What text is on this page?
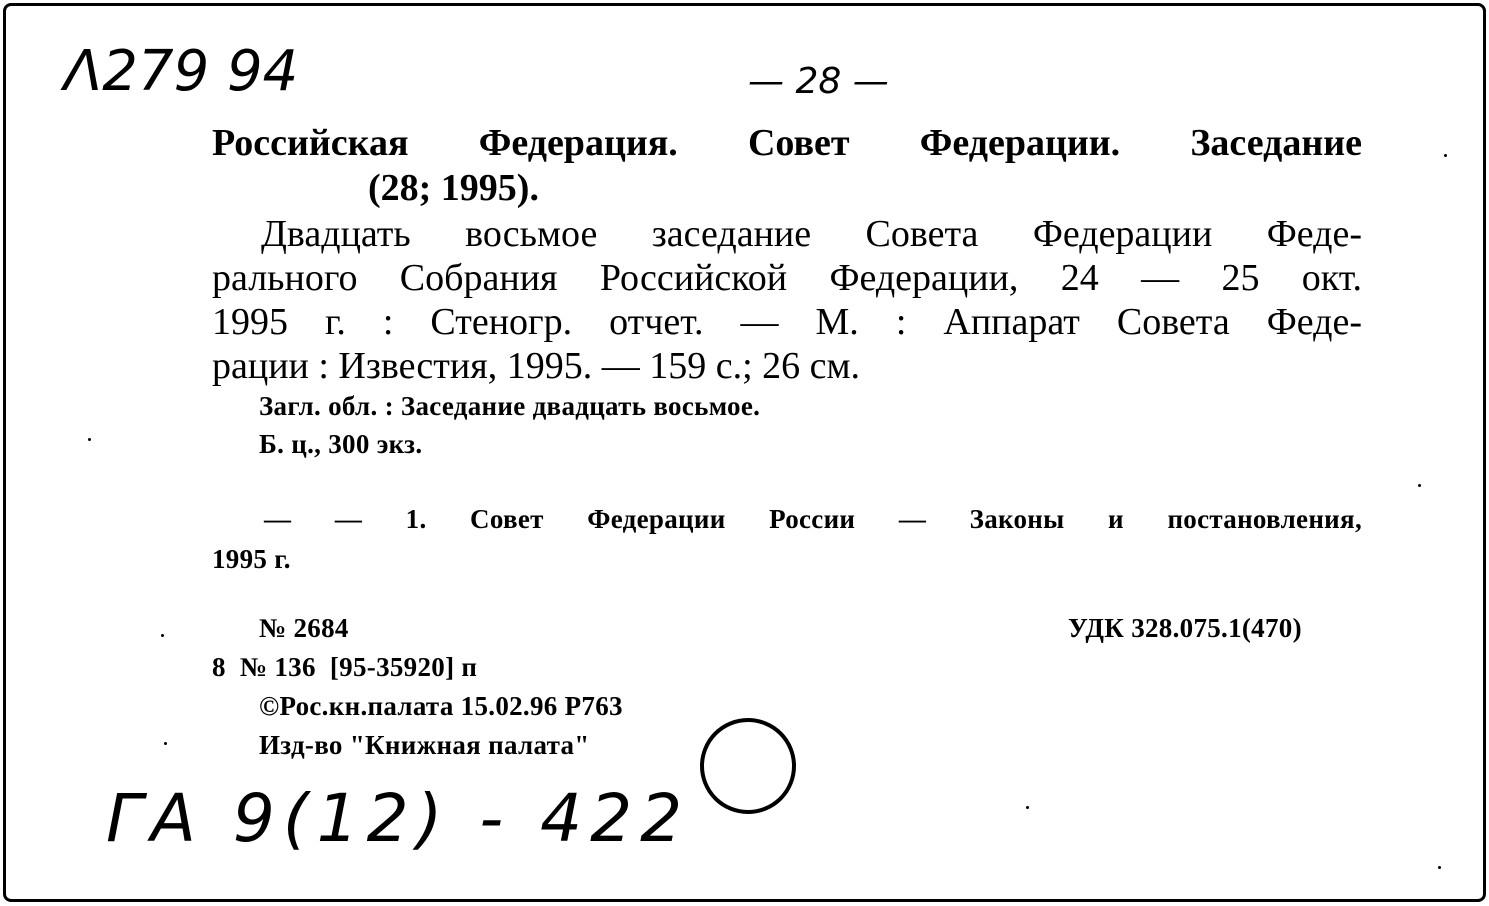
Λ279 94	— 28 —
Российская Федерация. Совет Федерации. Заседание
(28; 1995).
Двадцать восьмое заседание Совета Федерации Феде-
рального Собрания Российской Федерации, 24 — 25 окт.
1995 г. : Стеногр. отчет. — М. : Аппарат Совета Феде-
рации : Известия, 1995. — 159 с.; 26 см.
Загл. обл. : Заседание двадцать восьмое.
Б. ц., 300 экз.
— — 1. Совет Федерации России — Законы и постановления,
1995 г.
№ 2684	УДК 328.075.1(470)
8  № 136  [95-35920] п
©Рос.кн.палата 15.02.96 Р763
Изд-во "Книжная палата"
ГА 9(12) - 422
